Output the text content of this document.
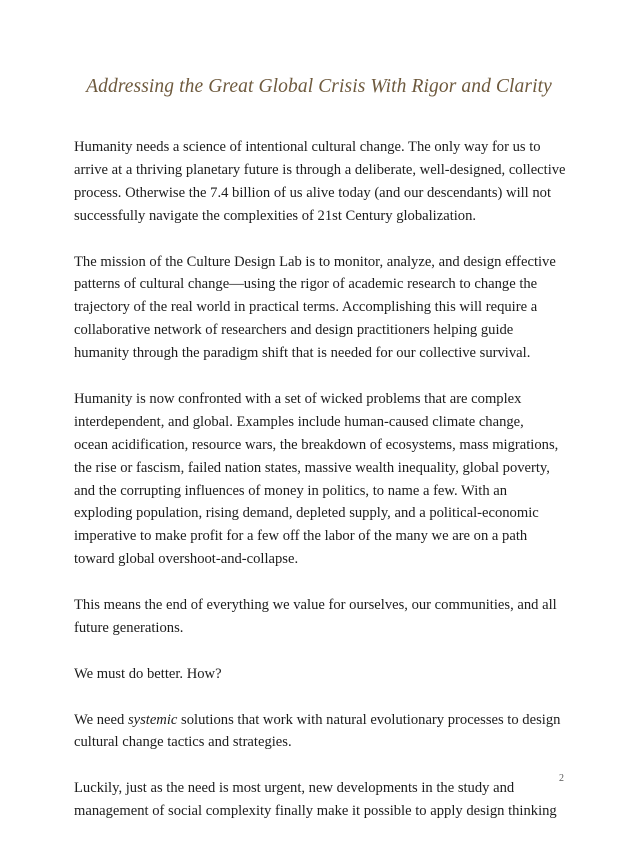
Addressing the Great Global Crisis With Rigor and Clarity

Humanity needs a science of intentional cultural change. The only way for us to
arrive at a thriving planetary future is through a deliberate, well-designed, collective
process. Otherwise the 7.4 billion of us alive today (and our descendants) will not
successfully navigate the complexities of 21st Century globalization.

The mission of the Culture Design Lab is to monitor, analyze, and design effective
patterns of cultural change—using the rigor of academic research to change the
trajectory of the real world in practical terms. Accomplishing this will require a
collaborative network of researchers and design practitioners helping guide
humanity through the paradigm shift that is needed for our collective survival.

Humanity is now confronted with a set of wicked problems that are complex
interdependent, and global. Examples include human-caused climate change,
ocean acidification, resource wars, the breakdown of ecosystems, mass migrations,
the rise or fascism, failed nation states, massive wealth inequality, global poverty,
and the corrupting influences of money in politics, to name a few. With an
exploding population, rising demand, depleted supply, and a political-economic
imperative to make profit for a few off the labor of the many we are on a path
toward global overshoot-and-collapse.

This means the end of everything we value for ourselves, our communities, and all
future generations.

We must do better. How?

We need systemic solutions that work with natural evolutionary processes to design
cultural change tactics and strategies.

Luckily, just as the need is most urgent, new developments in the study and
management of social complexity finally make it possible to apply design thinking

2
